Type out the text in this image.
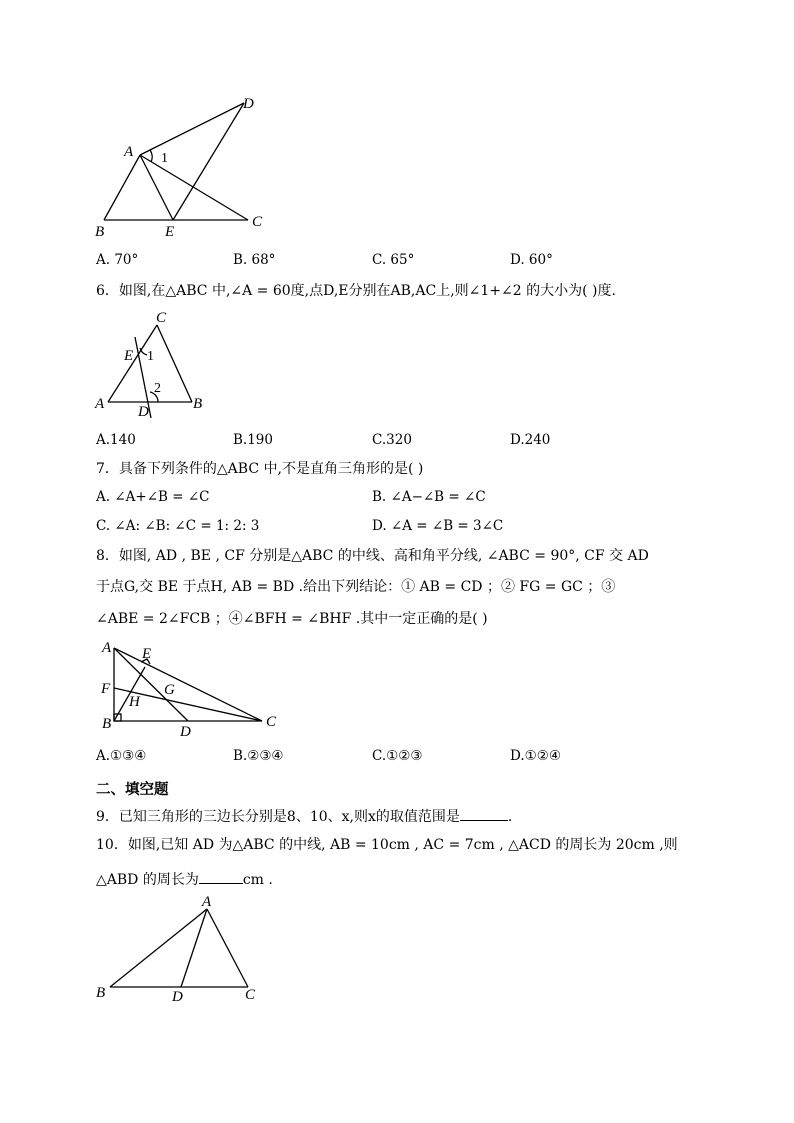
A
D
B	E
C
1
A. 70°	B. 68°	C. 65°	D. 60°
6．如图,在△ABC 中,∠A = 60度,点D,E分别在AB,AC上,则∠1+∠2 的大小为( )度.
C
E 1
2
A	B
D
A.140	B.190	C.320	D.240
7．具备下列条件的△ABC 中,不是直角三角形的是( )
A. ∠A+∠B = ∠C	B. ∠A−∠B = ∠C
C. ∠A: ∠B: ∠C = 1: 2: 3	D. ∠A = ∠B = 3∠C
8．如图, AD , BE , CF 分别是△ABC 的中线、高和角平分线, ∠ABC = 90°, CF 交 AD
于点G,交 BE 于点H, AB = BD .给出下列结论：① AB = CD ；② FG = GC ；③
∠ABE = 2∠FCB ；④∠BFH = ∠BHF .其中一定正确的是( )
A E
F	G
H
B	D
C
A.①③④	B.②③④	C.①②③	D.①②④
二、填空题
9．已知三角形的三边长分别是8、10、x,则x的取值范围是	.
10．如图,已知 AD 为△ABC 的中线, AB = 10cm , AC = 7cm , △ACD 的周长为 20cm ,则
△ABD 的周长为	cm .
A
B	D	C
